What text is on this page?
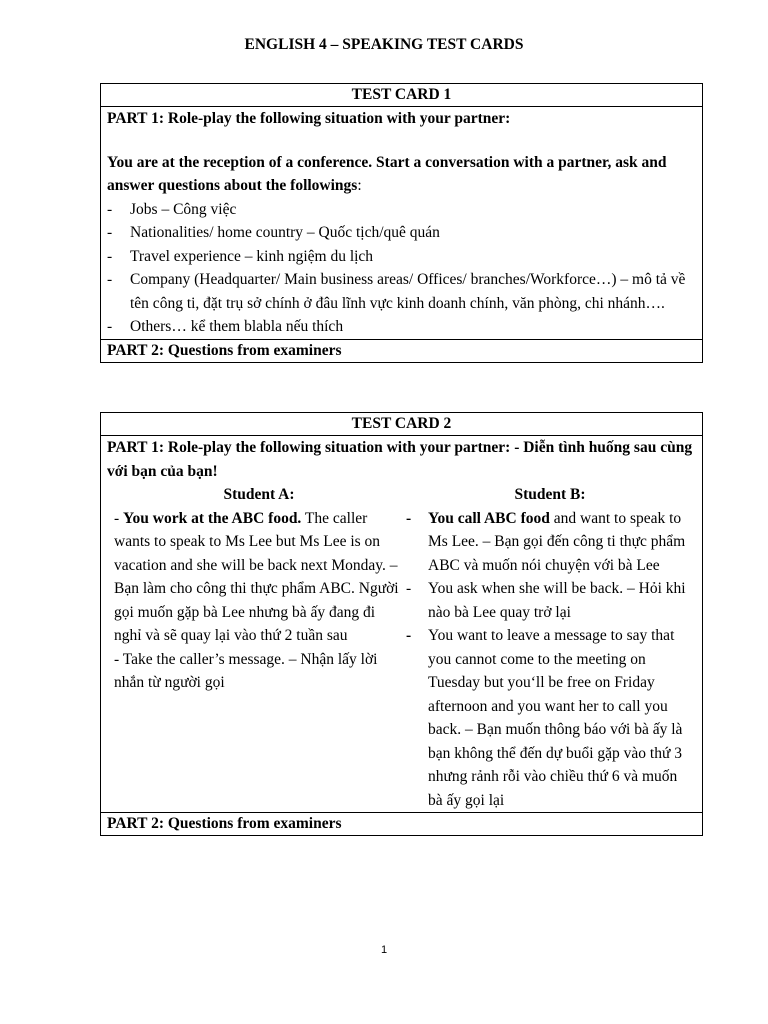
ENGLISH 4 – SPEAKING TEST CARDS
TEST CARD 1
PART 1: Role-play the following situation with your partner:
You are at the reception of a conference. Start a conversation with a partner, ask and answer questions about the followings:
- Jobs – Công việc
- Nationalities/ home country – Quốc tịch/quê quán
- Travel experience – kinh ngiệm du lịch
- Company (Headquarter/ Main business areas/ Offices/ branches/Workforce…) – mô tả về tên công ti, đặt trụ sở chính ở đâu lĩnh vực kinh doanh chính, văn phòng, chi nhánh….
- Others… kể them blabla nếu thích
PART 2: Questions from examiners
TEST CARD 2
PART 1: Role-play the following situation with your partner: - Diễn tình huống sau cùng với bạn của bạn!
Student A:
- You work at the ABC food. The caller wants to speak to Ms Lee but Ms Lee is on vacation and she will be back next Monday. – Bạn làm cho công thi thực phẩm ABC. Người gọi muốn gặp bà Lee nhưng bà ấy đang đi nghỉ và sẽ quay lại vào thứ 2 tuần sau
- Take the caller’s message. – Nhận lấy lời nhắn từ người gọi
Student B:
- You call ABC food and want to speak to Ms Lee. – Bạn gọi đến công ti thực phẩm ABC và muốn nói chuyện với bà Lee
- You ask when she will be back. – Hỏi khi nào bà Lee quay trở lại
- You want to leave a message to say that you cannot come to the meeting on Tuesday but you‘ll be free on Friday afternoon and you want her to call you back. – Bạn muốn thông báo với bà ấy là bạn không thể đến dự buổi gặp vào thứ 3 nhưng rảnh rỗi vào chiều thứ 6 và muốn bà ấy gọi lại
PART 2: Questions from examiners
1
